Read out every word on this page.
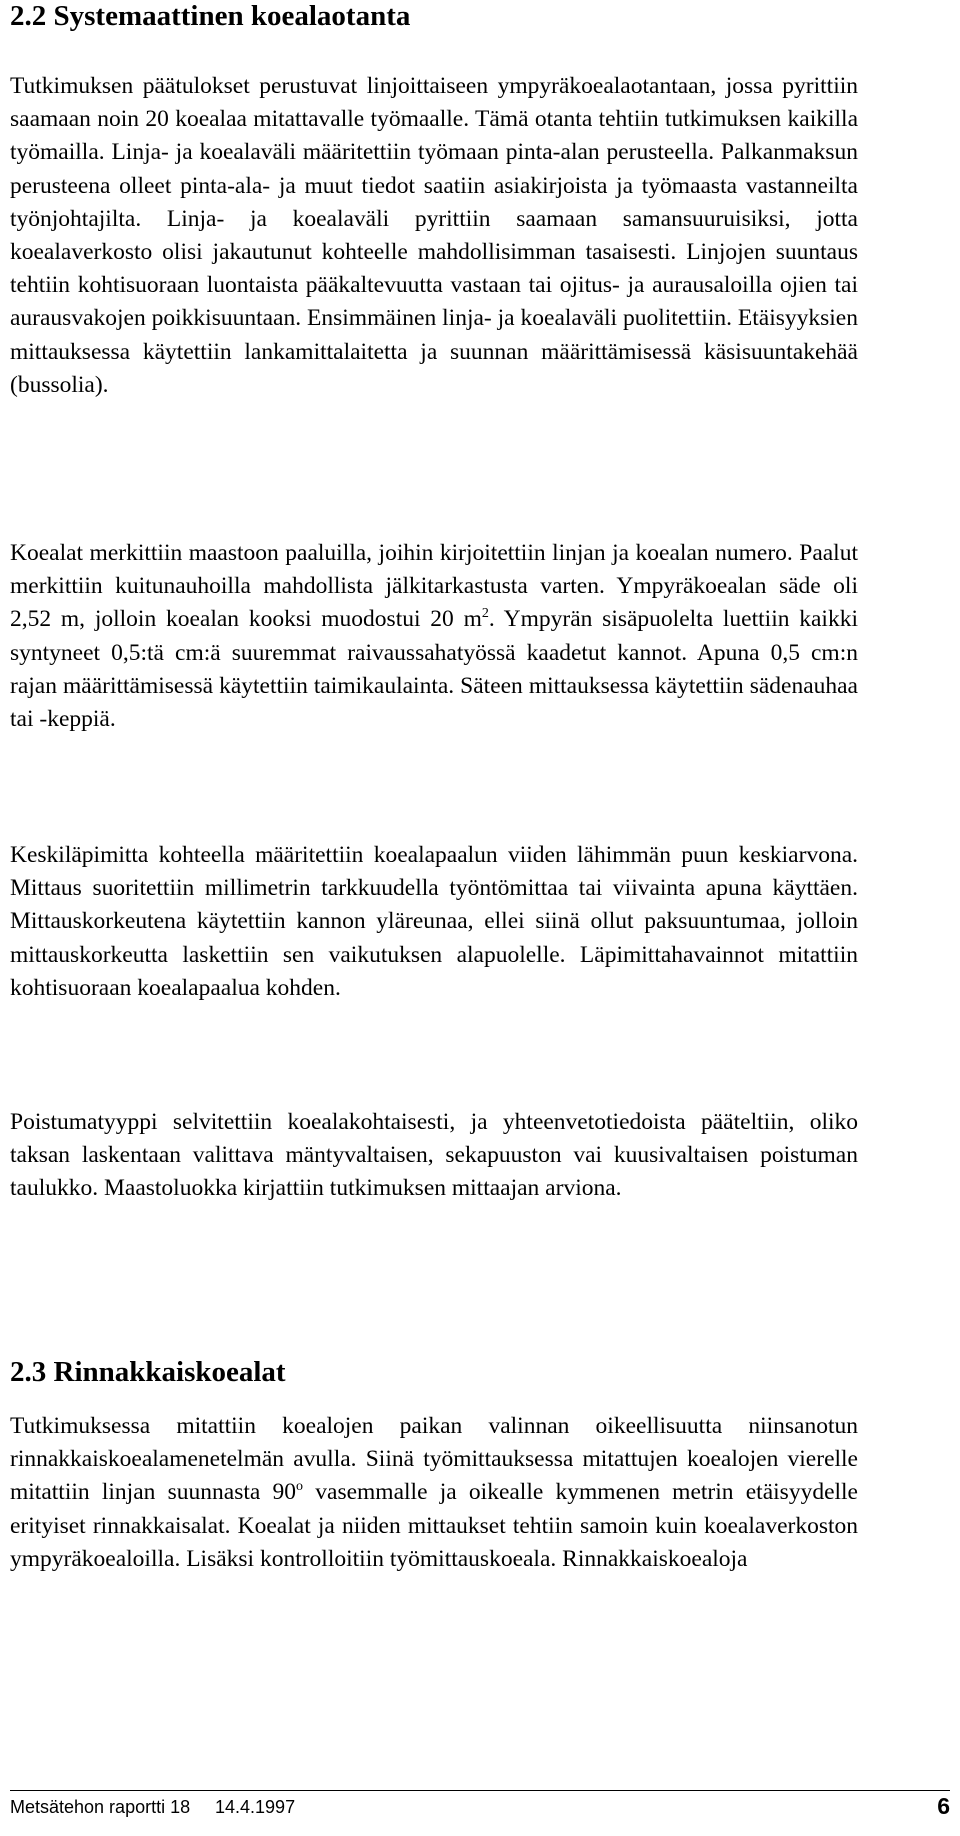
2.2 Systemaattinen koealaotanta

Tutkimuksen päätulokset perustuvat linjoittaiseen ympyräkoealaotantaan, jossa pyrittiin saamaan noin 20 koealaa mitattavalle työmaalle. Tämä otanta tehtiin tutkimuksen kaikilla työmailla. Linja- ja koealaväli määritettiin työmaan pinta-alan perusteella. Palkanmaksun perusteena olleet pinta-ala- ja muut tiedot saatiin asiakirjoista ja työmaasta vastanneilta työnjohtajilta. Linja- ja koealaväli pyrittiin saamaan samansuuruisiksi, jotta koealaverkosto olisi jakautunut kohteelle mahdollisimman tasaisesti. Linjojen suuntaus tehtiin kohtisuoraan luontaista pääkaltevuutta vastaan tai ojitus- ja aurausaloilla ojien tai aurausvakojen poikkisuuntaan. Ensimmäinen linja- ja koealaväli puolitettiin. Etäisyyksien mittauksessa käytettiin lankamittalaitetta ja suunnan määrittämisessä käsisuuntakehää (bussolia).

Koealat merkittiin maastoon paaluilla, joihin kirjoitettiin linjan ja koealan numero. Paalut merkittiin kuitunauhoilla mahdollista jälkitarkastusta varten. Ympyräkoealan säde oli 2,52 m, jolloin koealan kooksi muodostui 20 $m^2$. Ympyrän sisäpuolelta luettiin kaikki syntyneet 0,5:tä cm:ä suuremmat raivaussahatyössä kaadetut kannot. Apuna 0,5 cm:n rajan määrittämisessä käytettiin taimikaulainta. Säteen mittauksessa käytettiin sädenauhaa tai -keppiä.

Keskiläpimitta kohteella määritettiin koealapaalun viiden lähimmän puun keskiarvona. Mittaus suoritettiin millimetrin tarkkuudella työntömittaa tai viivainta apuna käyttäen. Mittauskorkeutena käytettiin kannon yläreunaa, ellei siinä ollut paksuuntumaa, jolloin mittauskorkeutta laskettiin sen vaikutuksen alapuolelle. Läpimittahavainnot mitattiin kohtisuoraan koealapaalua kohden.

Poistumatyyppi selvitettiin koealakohtaisesti, ja yhteenvetotiedoista pääteltiin, oliko taksan laskentaan valittava mäntyvaltaisen, sekapuuston vai kuusivaltaisen poistuman taulukko. Maastoluokka kirjattiin tutkimuksen mittaajan arviona.

2.3 Rinnakkaiskoealat

Tutkimuksessa mitattiin koealojen paikan valinnan oikeellisuutta niinsanotun rinnakkaiskoealamenetelmän avulla. Siinä työmittauksessa mitattujen koealojen vierelle mitattiin linjan suunnasta 90$^o$ vasemmalle ja oikealle kymmenen metrin etäisyydelle erityiset rinnakkaisalat. Koealat ja niiden mittaukset tehtiin samoin kuin koealaverkoston ympyräkoealoilla. Lisäksi kontrolloitiin työmittauskoeala. Rinnakkaiskoealoja

Metsätehon raportti 18 14.4.1997	6
